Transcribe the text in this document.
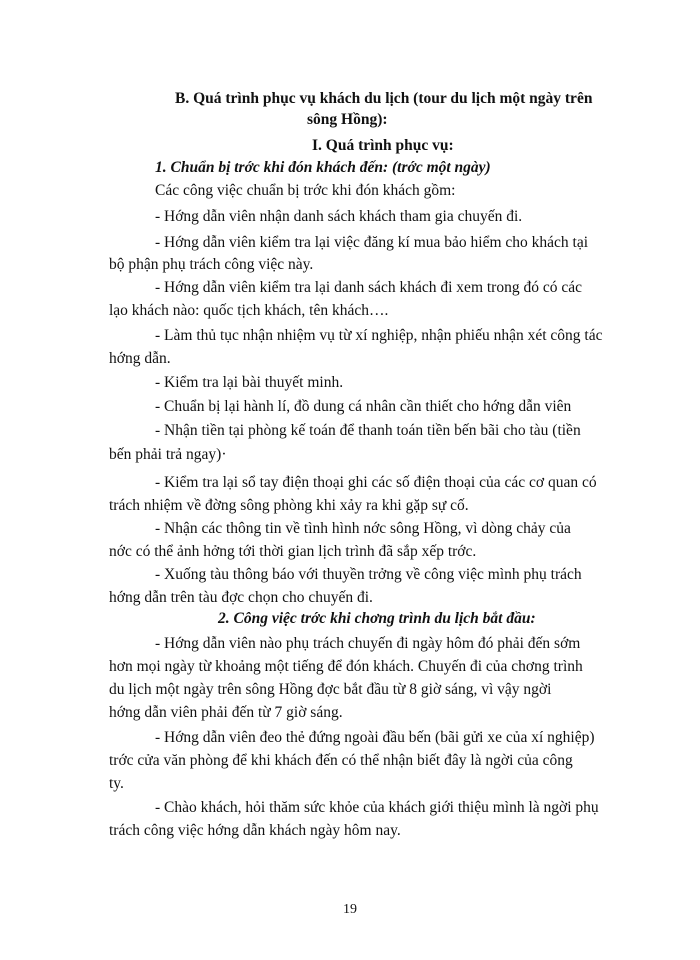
B. Quá trình phục vụ khách du lịch (tour du lịch một ngày trên
sông Hồng):
I. Quá trình phục vụ:
1. Chuẩn bị trớc khi đón khách đến: (trớc một ngày)
Các công việc chuẩn bị trớc khi đón khách gồm:
- Hớng dẫn viên nhận danh sách khách tham gia chuyến đi.
- Hớng dẫn viên kiểm tra lại việc đăng kí mua bảo hiểm cho khách tại
bộ phận phụ trách công việc này.
- Hớng dẫn viên kiểm tra lại danh sách khách đi xem trong đó có các
lạo khách nào: quốc tịch khách, tên khách….
- Làm thủ tục nhận nhiệm vụ từ xí nghiệp, nhận phiếu nhận xét công tác
hớng dẫn.
- Kiểm tra lại bài thuyết minh.
- Chuẩn bị lại hành lí, đồ dung cá nhân cần thiết cho hớng dẫn viên
- Nhận tiền tại phòng kế toán để thanh toán tiền bến bãi cho tàu (tiền
bến phải trả ngay)·
- Kiểm tra lại sổ tay điện thoại ghi các số điện thoại của các cơ quan có
trách nhiệm về đờng sông phòng khi xảy ra khi gặp sự cố.
- Nhận các thông tin về tình hình nớc sông Hồng, vì dòng chảy của
nớc có thể ảnh hởng tới thời gian lịch trình đã sắp xếp trớc.
- Xuống tàu thông báo với thuyền trởng về công việc mình phụ trách
hớng dẫn trên tàu đợc chọn cho chuyến đi.
2. Công việc trớc khi chơng trình du lịch bắt đầu:
- Hớng dẫn viên nào phụ trách chuyến đi ngày hôm đó phải đến sớm
hơn mọi ngày từ khoảng một tiếng để đón khách. Chuyến đi của chơng trình
du lịch một ngày trên sông Hồng đợc bắt đầu từ 8 giờ sáng, vì vậy ngời
hớng dẫn viên phải đến từ 7 giờ sáng.
- Hớng dẫn viên đeo thẻ đứng ngoài đầu bến (bãi gửi xe của xí nghiệp)
trớc cửa văn phòng để khi khách đến có thể nhận biết đây là ngời của công
ty.
- Chào khách, hỏi thăm sức khỏe của khách giới thiệu mình là ngời phụ
trách công việc hớng dẫn khách ngày hôm nay.
19
